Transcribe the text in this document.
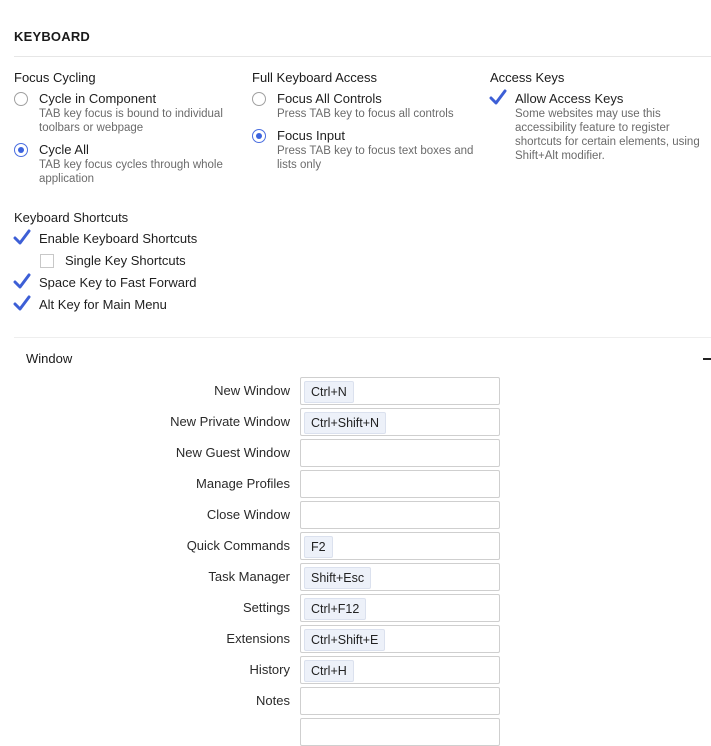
KEYBOARD
Focus Cycling
Cycle in Component
TAB key focus is bound to individual toolbars or webpage
Cycle All
TAB key focus cycles through whole application
Full Keyboard Access
Focus All Controls
Press TAB key to focus all controls
Focus Input
Press TAB key to focus text boxes and lists only
Access Keys
Allow Access Keys
Some websites may use this accessibility feature to register shortcuts for certain elements, using Shift+Alt modifier.
Keyboard Shortcuts
Enable Keyboard Shortcuts
Single Key Shortcuts
Space Key to Fast Forward
Alt Key for Main Menu
Window
New Window	Ctrl+N
New Private Window	Ctrl+Shift+N
New Guest Window
Manage Profiles
Close Window
Quick Commands	F2
Task Manager	Shift+Esc
Settings	Ctrl+F12
Extensions	Ctrl+Shift+E
History	Ctrl+H
Notes
